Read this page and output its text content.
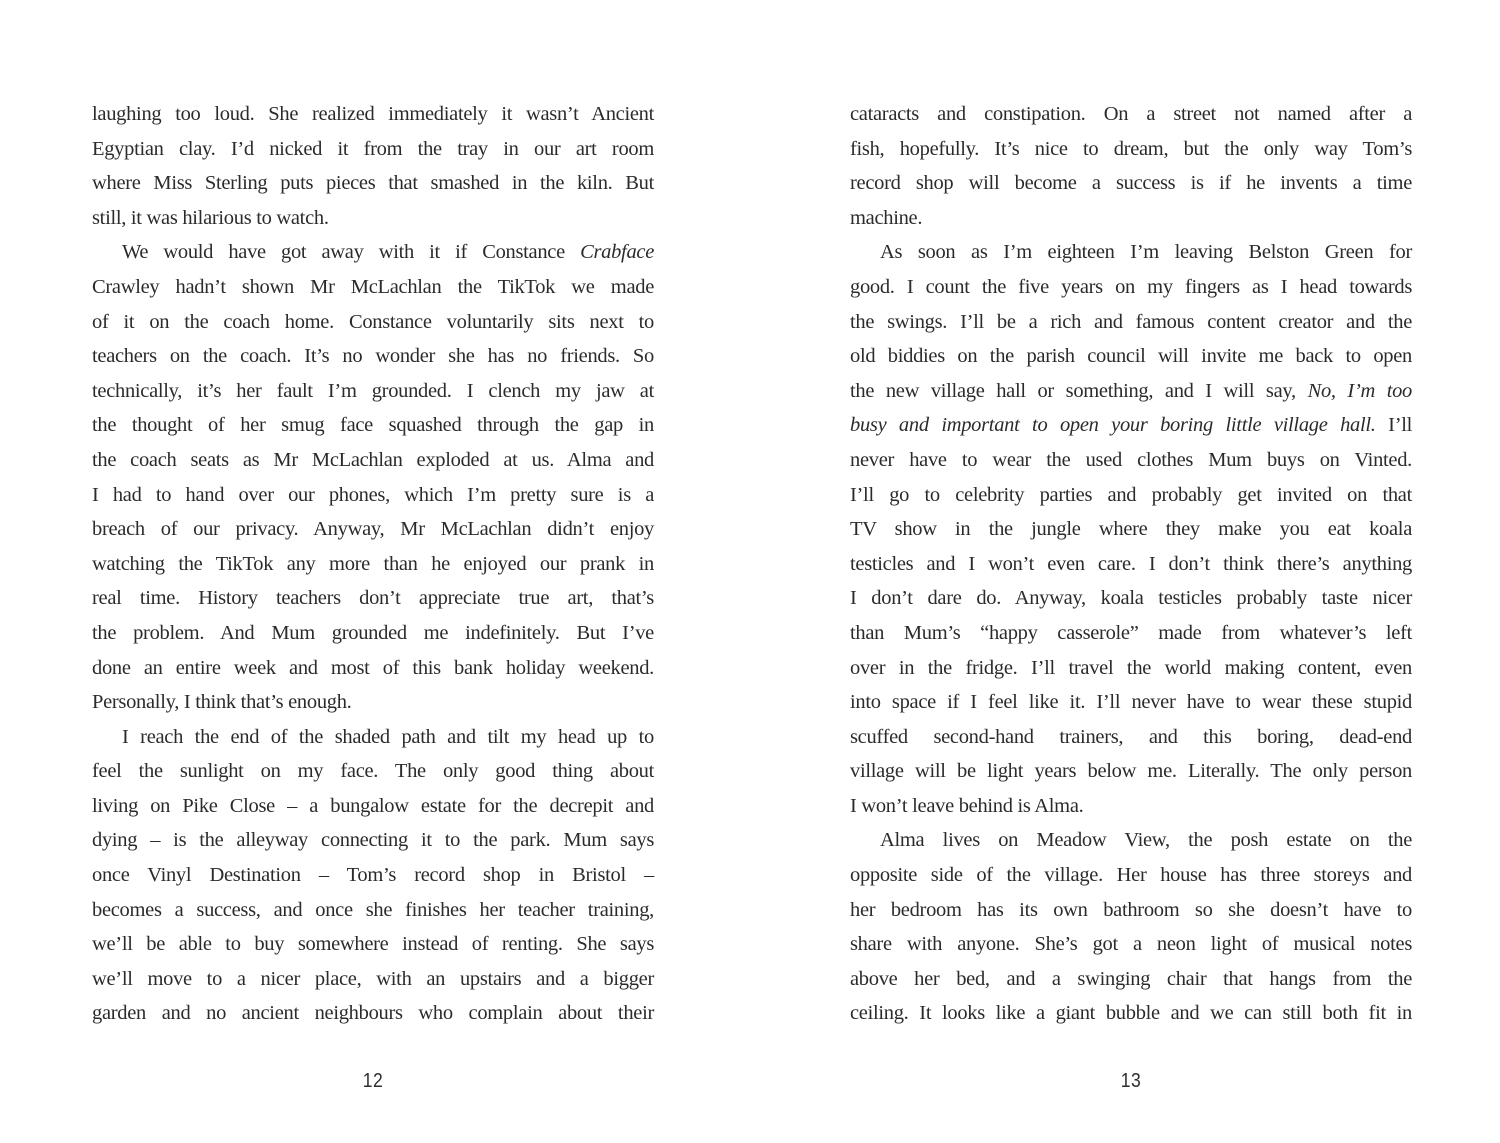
laughing too loud. She realized immediately it wasn’t Ancient
Egyptian clay. I’d nicked it from the tray in our art room
where Miss Sterling puts pieces that smashed in the kiln. But
still, it was hilarious to watch.
We would have got away with it if Constance Crabface
Crawley hadn’t shown Mr McLachlan the TikTok we made
of it on the coach home. Constance voluntarily sits next to
teachers on the coach. It’s no wonder she has no friends. So
technically, it’s her fault I’m grounded. I clench my jaw at
the thought of her smug face squashed through the gap in
the coach seats as Mr McLachlan exploded at us. Alma and
I had to hand over our phones, which I’m pretty sure is a
breach of our privacy. Anyway, Mr McLachlan didn’t enjoy
watching the TikTok any more than he enjoyed our prank in
real time. History teachers don’t appreciate true art, that’s
the problem. And Mum grounded me indefinitely. But I’ve
done an entire week and most of this bank holiday weekend.
Personally, I think that’s enough.
I reach the end of the shaded path and tilt my head up to
feel the sunlight on my face. The only good thing about
living on Pike Close – a bungalow estate for the decrepit and
dying – is the alleyway connecting it to the park. Mum says
once Vinyl Destination – Tom’s record shop in Bristol –
becomes a success, and once she finishes her teacher training,
we’ll be able to buy somewhere instead of renting. She says
we’ll move to a nicer place, with an upstairs and a bigger
garden and no ancient neighbours who complain about their
12
cataracts and constipation. On a street not named after a
fish, hopefully. It’s nice to dream, but the only way Tom’s
record shop will become a success is if he invents a time
machine.
As soon as I’m eighteen I’m leaving Belston Green for
good. I count the five years on my fingers as I head towards
the swings. I’ll be a rich and famous content creator and the
old biddies on the parish council will invite me back to open
the new village hall or something, and I will say, No, I’m too
busy and important to open your boring little village hall. I’ll
never have to wear the used clothes Mum buys on Vinted.
I’ll go to celebrity parties and probably get invited on that
TV show in the jungle where they make you eat koala
testicles and I won’t even care. I don’t think there’s anything
I don’t dare do. Anyway, koala testicles probably taste nicer
than Mum’s “happy casserole” made from whatever’s left
over in the fridge. I’ll travel the world making content, even
into space if I feel like it. I’ll never have to wear these stupid
scuffed second-hand trainers, and this boring, dead-end
village will be light years below me. Literally. The only person
I won’t leave behind is Alma.
Alma lives on Meadow View, the posh estate on the
opposite side of the village. Her house has three storeys and
her bedroom has its own bathroom so she doesn’t have to
share with anyone. She’s got a neon light of musical notes
above her bed, and a swinging chair that hangs from the
ceiling. It looks like a giant bubble and we can still both fit in
13
